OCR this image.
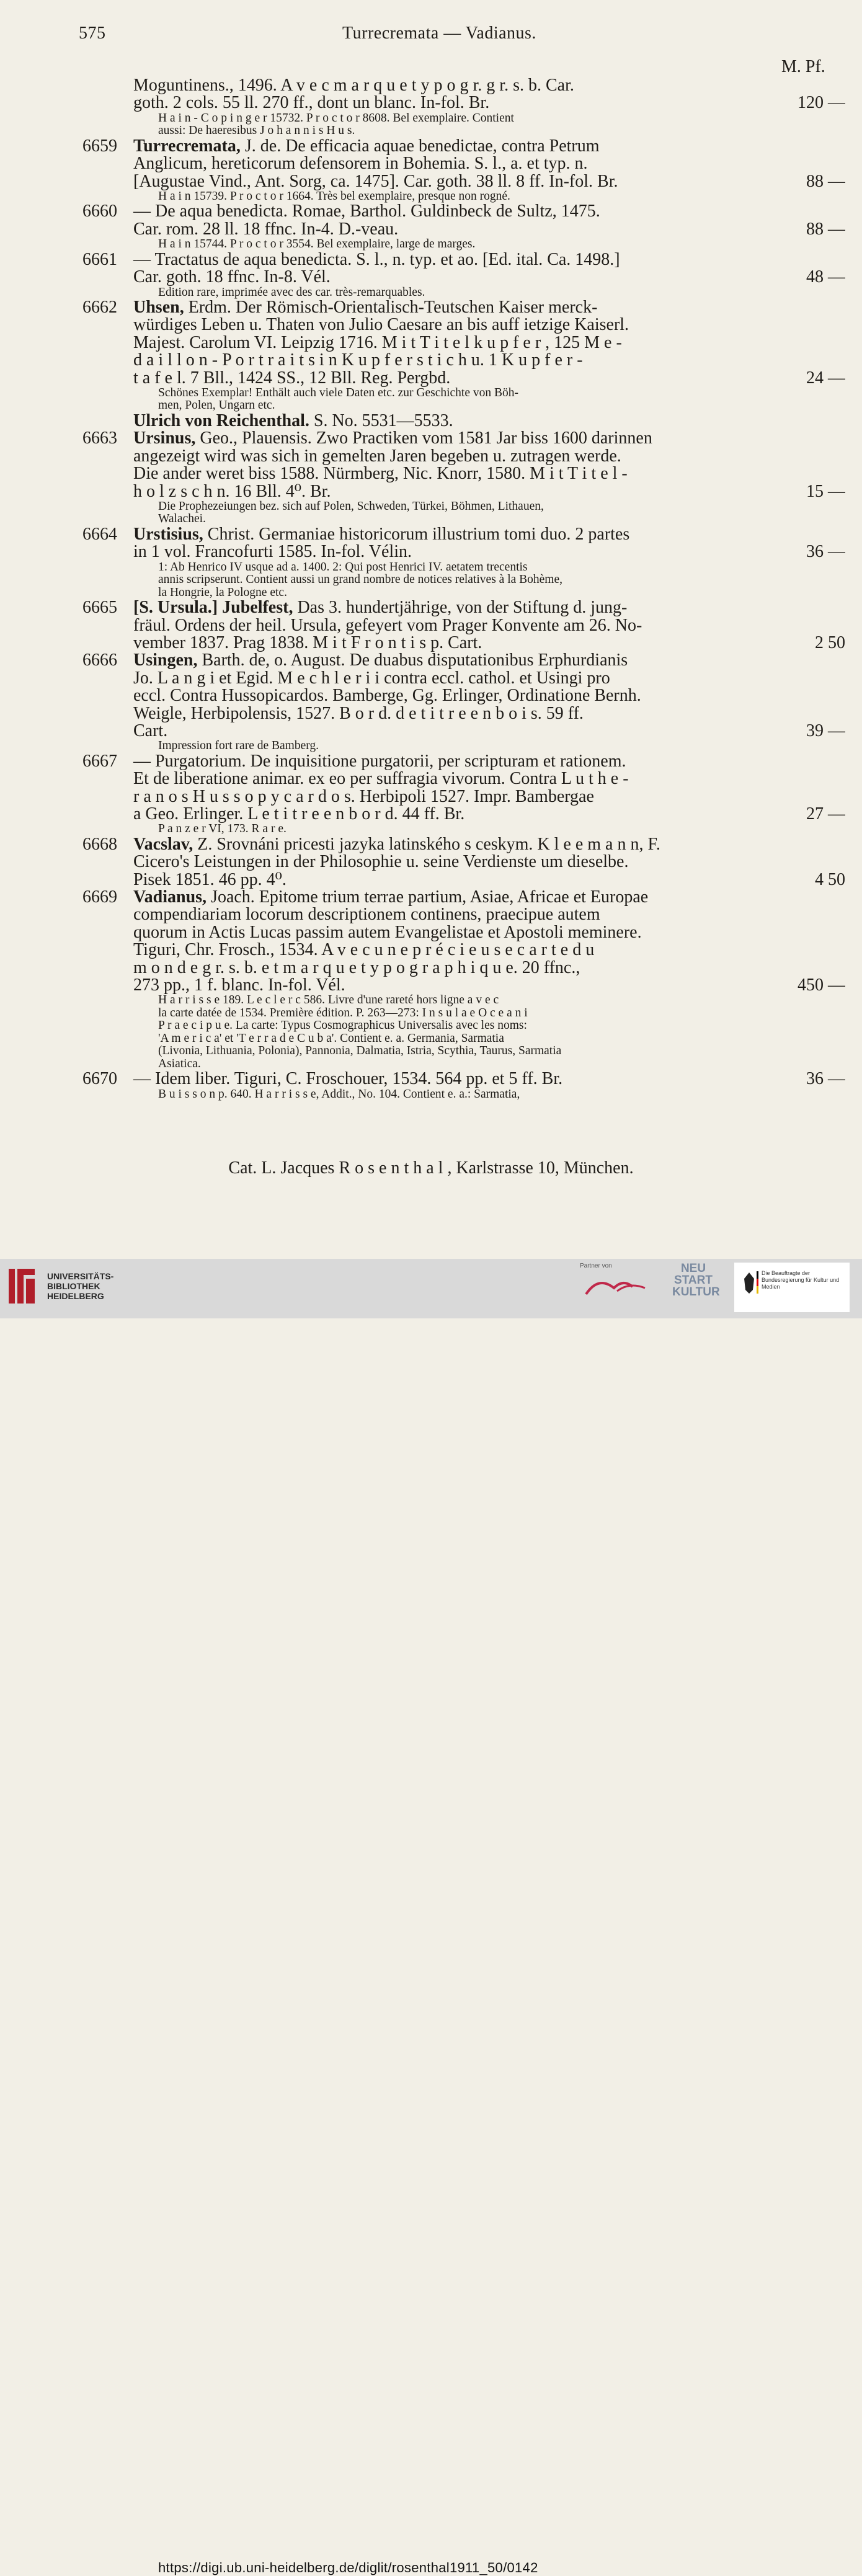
575	Turrecremata — Vadianus.
M. Pf.
Moguntinens., 1496. A v e c m a r q u e t y p o g r. g r. s. b. Car.
goth. 2 cols. 55 ll. 270 ff., dont un blanc. In-fol. Br.	120 —
H a i n - C o p i n g e r 15732. P r o c t o r 8608. Bel exemplaire. Contient
aussi: De haeresibus J o h a n n i s H u s.
6659 Turrecremata, J. de. De efficacia aquae benedictae, contra Petrum
Anglicum, hereticorum defensorem in Bohemia. S. l., a. et typ. n.
[Augustae Vind., Ant. Sorg, ca. 1475]. Car. goth. 38 ll. 8 ff. In-fol. Br.	88 —
H a i n 15739. P r o c t o r 1664. Très bel exemplaire, presque non rogné.
6660 — De aqua benedicta. Romae, Barthol. Guldinbeck de Sultz, 1475.
Car. rom. 28 ll. 18 ffnc. In-4. D.-veau.	88 —
H a i n 15744. P r o c t o r 3554. Bel exemplaire, large de marges.
6661 — Tractatus de aqua benedicta. S. l., n. typ. et ao. [Ed. ital. Ca. 1498.]
Car. goth. 18 ffnc. In-8. Vél.	48 —
Edition rare, imprimée avec des car. très-remarquables.
6662 Uhsen, Erdm. Der Römisch-Orientalisch-Teutschen Kaiser merck-
würdiges Leben u. Thaten von Julio Caesare an bis auff ietzige Kaiserl.
Majest. Carolum VI. Leipzig 1716. M i t T i t e l k u p f e r , 125 M e -
d a i l l o n - P o r t r a i t s i n K u p f e r s t i c h u. 1 K u p f e r -
t a f e l. 7 Bll., 1424 SS., 12 Bll. Reg. Pergbd.	24 —
Schönes Exemplar! Enthält auch viele Daten etc. zur Geschichte von Böh-
men, Polen, Ungarn etc.
Ulrich von Reichenthal. S. No. 5531—5533.
6663 Ursinus, Geo., Plauensis. Zwo Practiken vom 1581 Jar biss 1600 darinnen
angezeigt wird was sich in gemelten Jaren begeben u. zutragen werde.
Die ander weret biss 1588. Nürmberg, Nic. Knorr, 1580. M i t T i t e l -
h o l z s c h n. 16 Bll. 4⁰. Br.	15 —
Die Prophezeiungen bez. sich auf Polen, Schweden, Türkei, Böhmen, Lithauen,
Walachei.
6664 Urstisius, Christ. Germaniae historicorum illustrium tomi duo. 2 partes
in 1 vol. Francofurti 1585. In-fol. Vélin.	36 —
1: Ab Henrico IV usque ad a. 1400. 2: Qui post Henrici IV. aetatem trecentis
annis scripserunt. Contient aussi un grand nombre de notices relatives à la Bohème,
la Hongrie, la Pologne etc.
6665 [S. Ursula.] Jubelfest, Das 3. hundertjährige, von der Stiftung d. jung-
fräul. Ordens der heil. Ursula, gefeyert vom Prager Konvente am 26. No-
vember 1837. Prag 1838. M i t F r o n t i s p. Cart.	2 50
6666 Usingen, Barth. de, o. August. De duabus disputationibus Erphurdianis
Jo. L a n g i et Egid. M e c h l e r i i contra eccl. cathol. et Usingi pro
eccl. Contra Hussopicardos. Bamberge, Gg. Erlinger, Ordinatione Bernh.
Weigle, Herbipolensis, 1527. B o r d. d e t i t r e e n b o i s. 59 ff.
Cart.	39 —
Impression fort rare de Bamberg.
6667 — Purgatorium. De inquisitione purgatorii, per scripturam et rationem.
Et de liberatione animar. ex eo per suffragia vivorum. Contra L u t h e -
r a n o s H u s s o p y c a r d o s. Herbipoli 1527. Impr. Bambergae
a Geo. Erlinger. L e t i t r e e n b o r d. 44 ff. Br.	27 —
P a n z e r VI, 173. R a r e.
6668 Vacslav, Z. Srovnáni pricesti jazyka latinského s ceskym. K l e e m a n n, F.
Cicero's Leistungen in der Philosophie u. seine Verdienste um dieselbe.
Pisek 1851. 46 pp. 4⁰.	4 50
6669 Vadianus, Joach. Epitome trium terrae partium, Asiae, Africae et Europae
compendiariam locorum descriptionem continens, praecipue autem
quorum in Actis Lucas passim autem Evangelistae et Apostoli meminere.
Tiguri, Chr. Frosch., 1534. A v e c u n e p r é c i e u s e c a r t e d u
m o n d e g r. s. b. e t m a r q u e t y p o g r a p h i q u e. 20 ffnc.,
273 pp., 1 f. blanc. In-fol. Vél.	450 —
H a r r i s s e 189. L e c l e r c 586. Livre d'une rareté hors ligne a v e c
la carte datée de 1534. Première édition. P. 263—273: I n s u l a e O c e a n i
P r a e c i p u e. La carte: Typus Cosmographicus Universalis avec les noms:
'A m e r i c a' et 'T e r r a d e C u b a'. Contient e. a. Germania, Sarmatia
(Livonia, Lithuania, Polonia), Pannonia, Dalmatia, Istria, Scythia, Taurus, Sarmatia
Asiatica.
6670 — Idem liber. Tiguri, C. Froschouer, 1534. 564 pp. et 5 ff. Br.	36 —
B u i s s o n p. 640. H a r r i s s e, Addit., No. 104. Contient e. a.: Sarmatia,
Cat. L. Jacques R o s e n t h a l , Karlstrasse 10, München.
UNIVERSITÄTS-
BIBLIOTHEK
HEIDELBERG
Partner von	NEU
START
KULTUR
Die Beauftragte der Bundesregierung für Kultur und Medien
https://digi.ub.uni-heidelberg.de/diglit/rosenthal1911_50/0142
